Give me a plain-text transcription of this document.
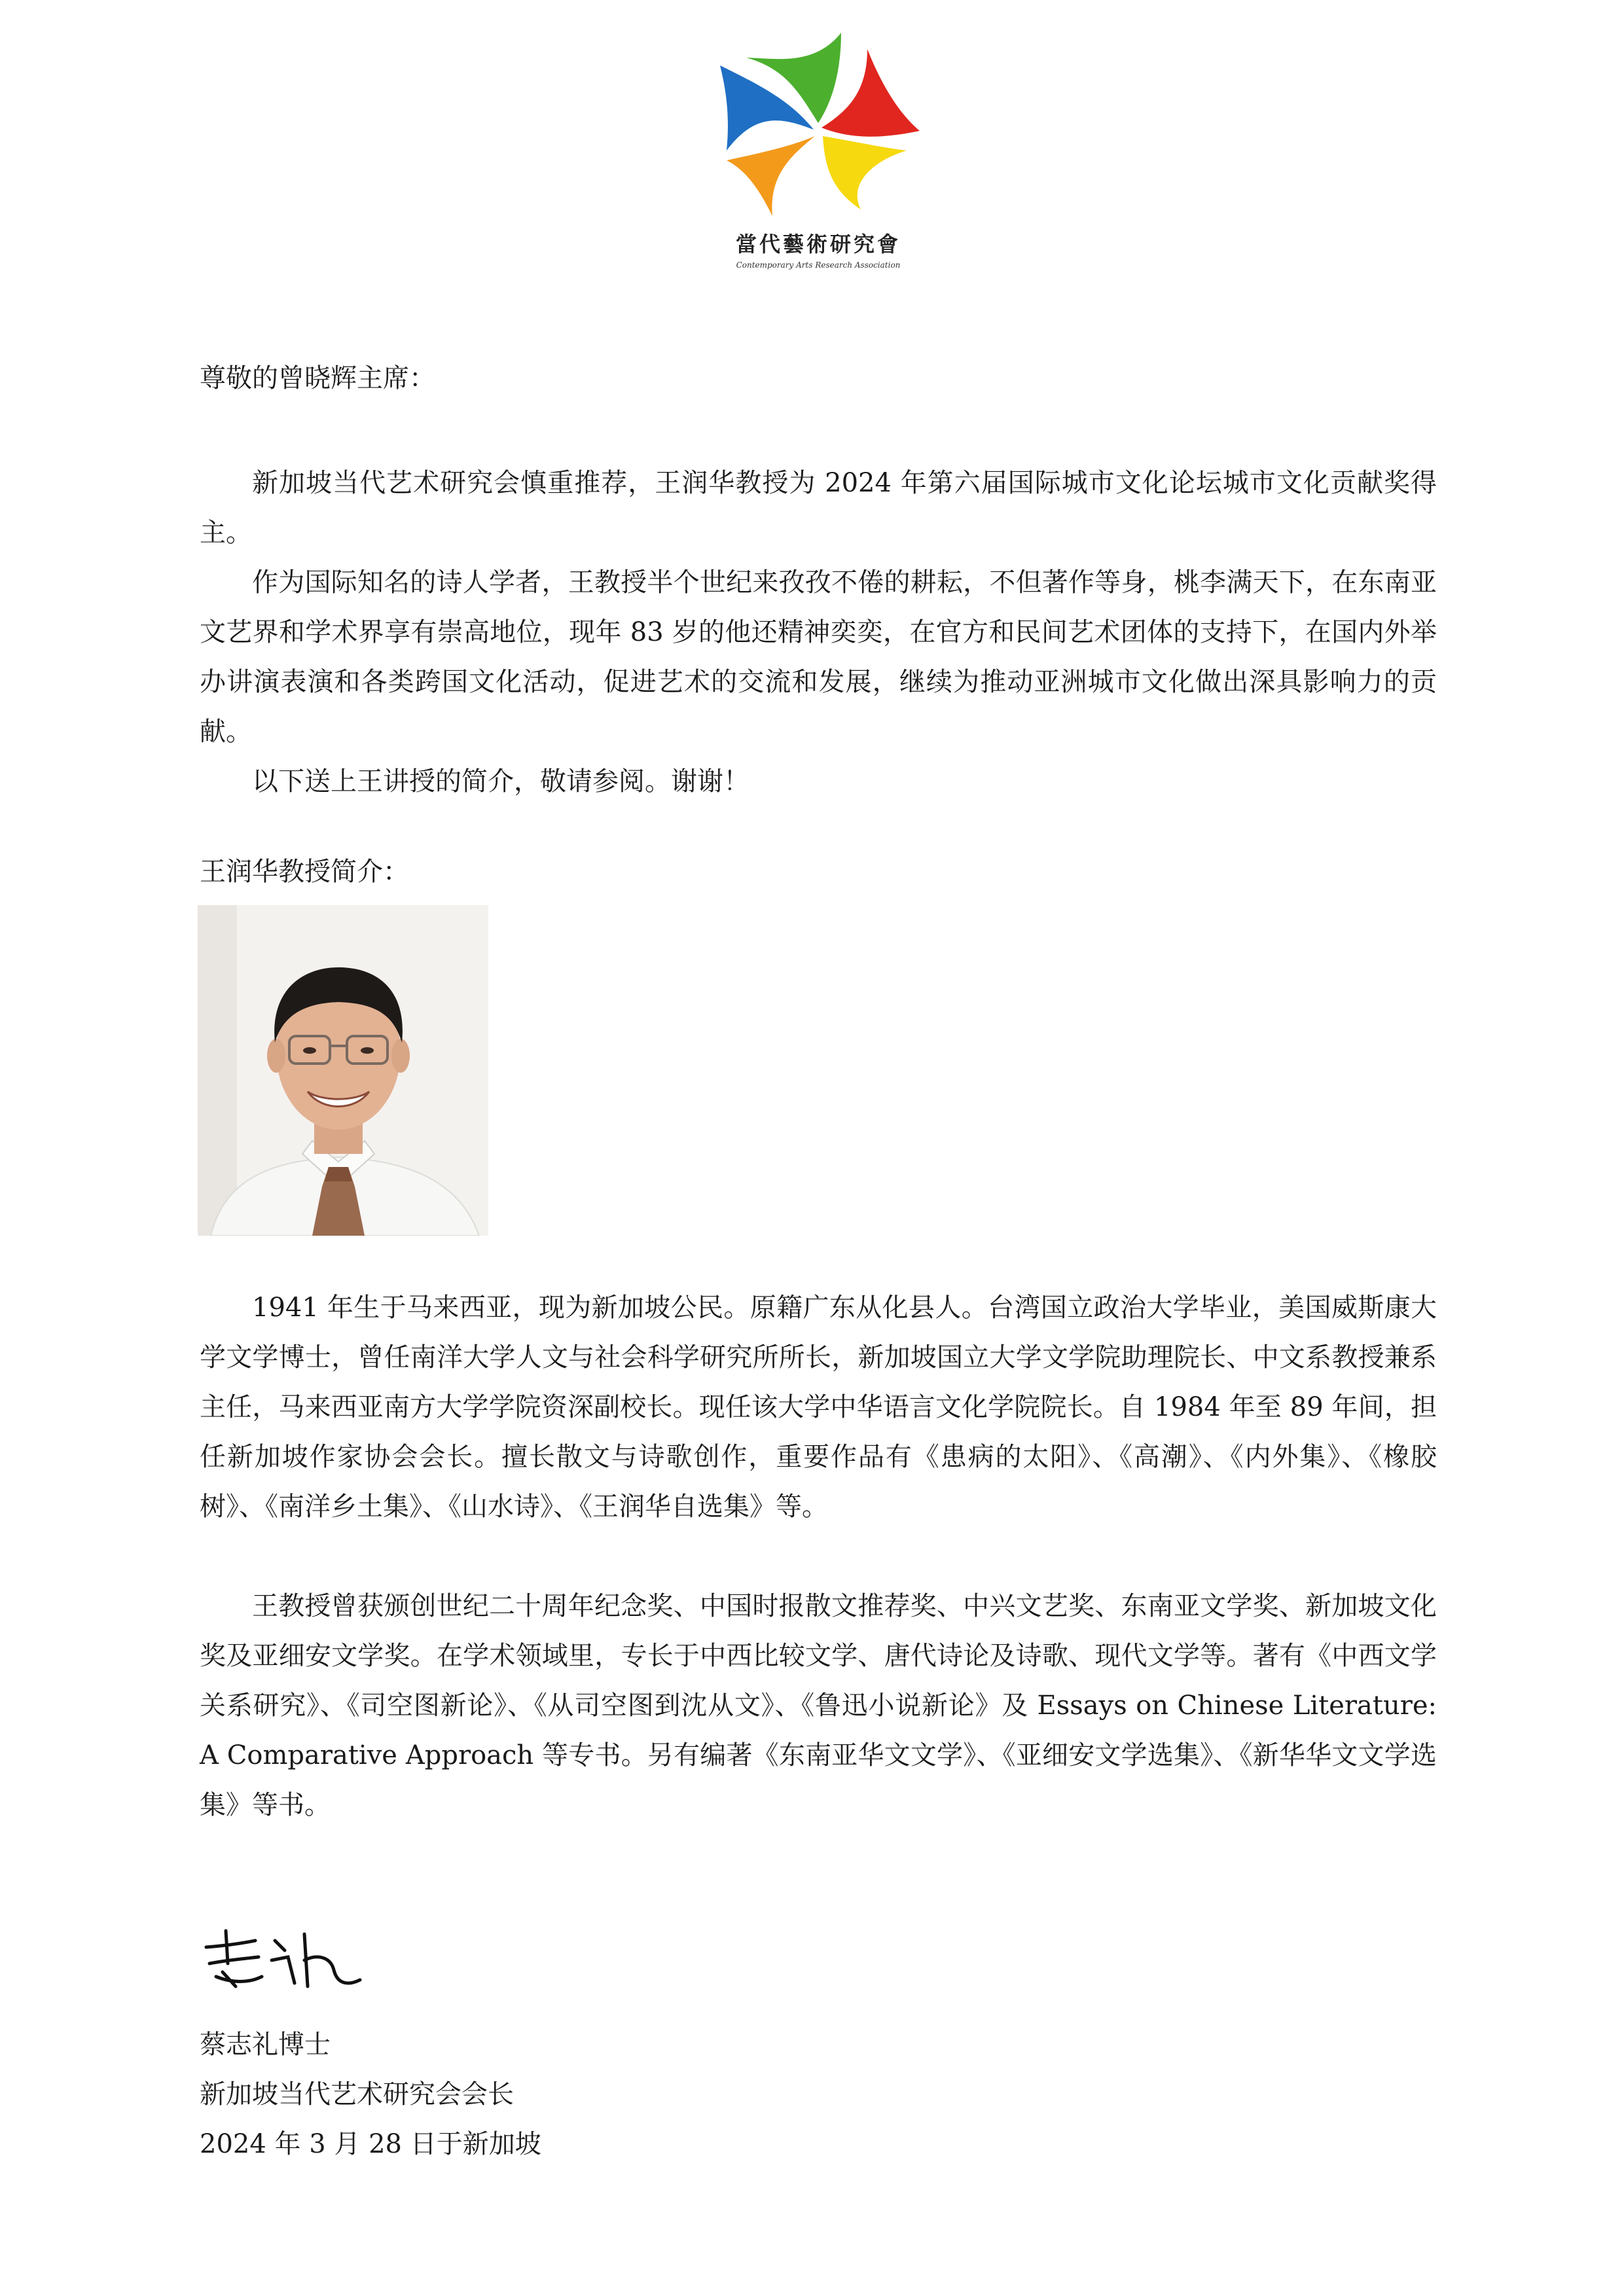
當代藝術研究會
Contemporary Arts Research Association
尊敬的曾晓辉主席：

新加坡当代艺术研究会慎重推荐，王润华教授为 2024 年第六届国际城市文化论坛城市文化贡献奖得主。

作为国际知名的诗人学者，王教授半个世纪来孜孜不倦的耕耘，不但著作等身，桃李满天下，在东南亚文艺界和学术界享有崇高地位，现年 83 岁的他还精神奕奕，在官方和民间艺术团体的支持下，在国内外举办讲演表演和各类跨国文化活动，促进艺术的交流和发展，继续为推动亚洲城市文化做出深具影响力的贡献。

以下送上王讲授的简介，敬请参阅。谢谢！

王润华教授简介：

1941 年生于马来西亚，现为新加坡公民。原籍广东从化县人。台湾国立政治大学毕业，美国威斯康大学文学博士，曾任南洋大学人文与社会科学研究所所长，新加坡国立大学文学院助理院长、中文系教授兼系主任，马来西亚南方大学学院资深副校长。现任该大学中华语言文化学院院长。自 1984 年至 89 年间，担任新加坡作家协会会长。擅长散文与诗歌创作，重要作品有《患病的太阳》、《高潮》、《内外集》、《橡胶树》、《南洋乡土集》、《山水诗》、《王润华自选集》等。

王教授曾获颁创世纪二十周年纪念奖、中国时报散文推荐奖、中兴文艺奖、东南亚文学奖、新加坡文化奖及亚细安文学奖。在学术领域里，专长于中西比较文学、唐代诗论及诗歌、现代文学等。著有《中西文学关系研究》、《司空图新论》、《从司空图到沈从文》、《鲁迅小说新论》及 Essays on Chinese Literature: A Comparative Approach 等专书。另有编著《东南亚华文文学》、《亚细安文学选集》、《新华华文文学选集》等书。

蔡志礼博士
新加坡当代艺术研究会会长
2024 年 3 月 28 日于新加坡
